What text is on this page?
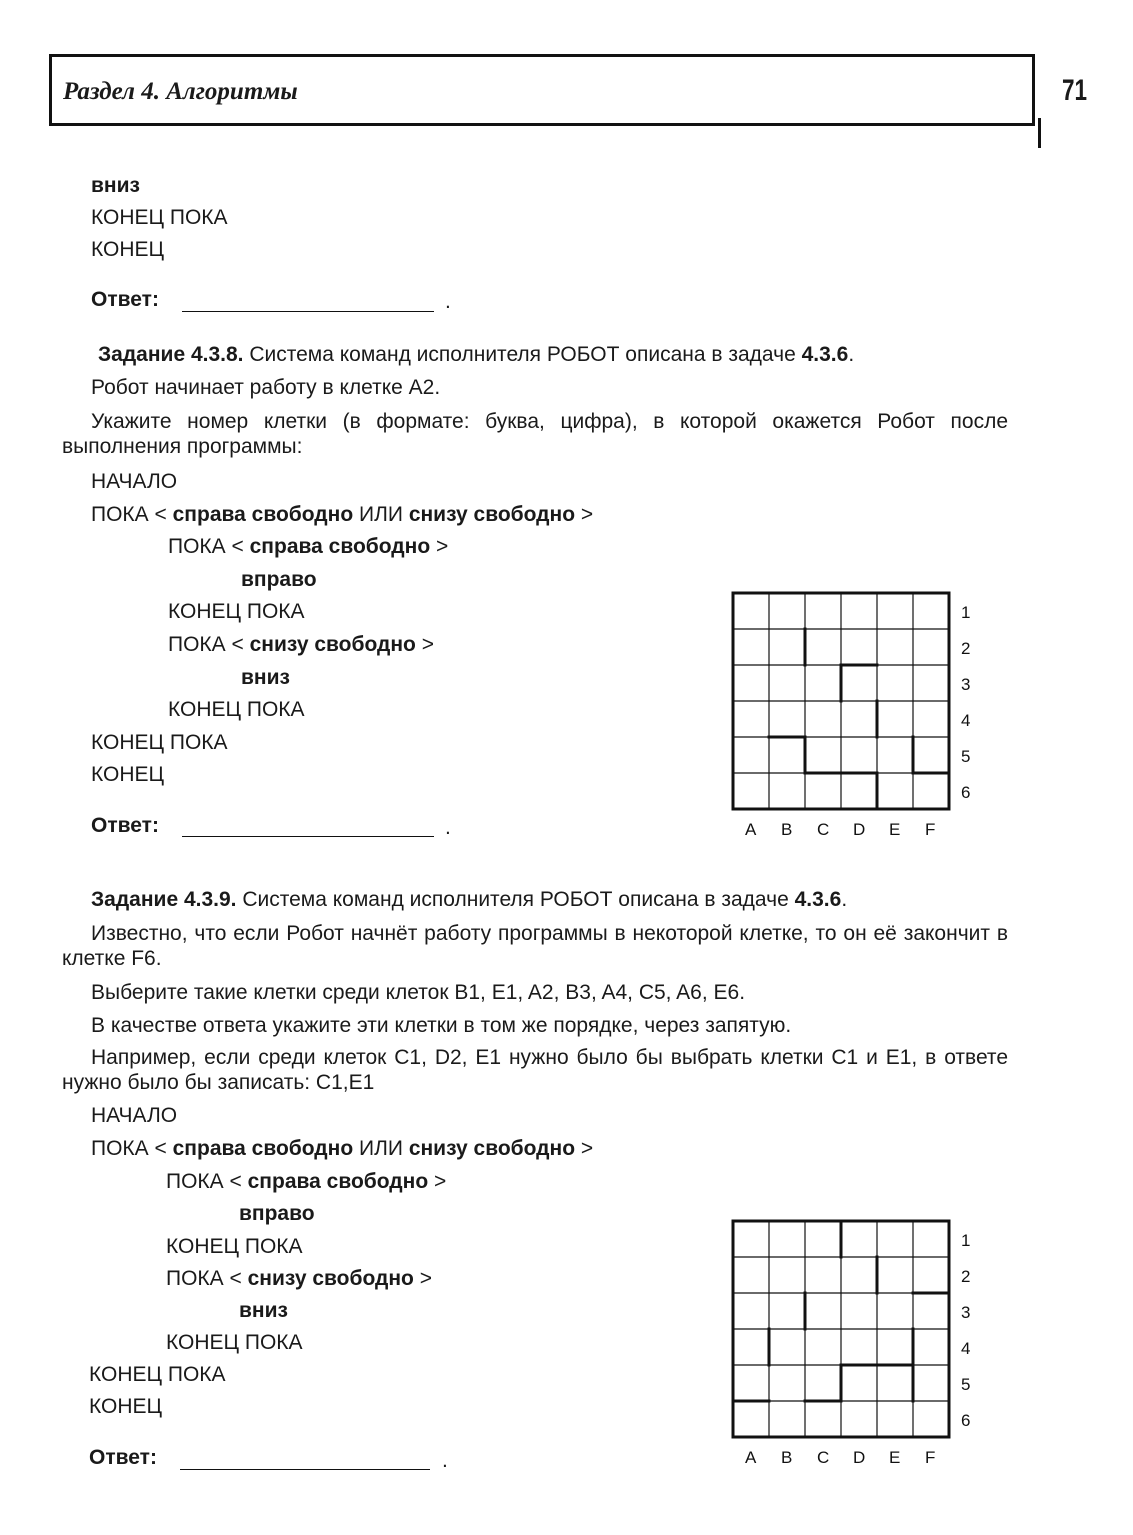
Раздел 4. Алгоритмы	71
вниз
КОНЕЦ ПОКА
КОНЕЦ
Ответ:	.
Задание 4.3.8. Система команд исполнителя РОБОТ описана в задаче 4.3.6.
Робот начинает работу в клетке А2.
Укажите номер клетки (в формате: буква, цифра), в которой окажется Робот после выполнения программы:
НАЧАЛО
ПОКА < справа свободно ИЛИ снизу свободно >
ПОКА < справа свободно >
вправо
КОНЕЦ ПОКА
ПОКА < снизу свободно >
вниз
КОНЕЦ ПОКА
КОНЕЦ ПОКА
КОНЕЦ
Ответ:	.
1
2
3
4
5
6
A B C D E F
Задание 4.3.9. Система команд исполнителя РОБОТ описана в задаче 4.3.6.
Известно, что если Робот начнёт работу программы в некоторой клетке, то он её закончит в клетке F6.
Выберите такие клетки среди клеток B1, E1, A2, B3, A4, C5, A6, E6.
В качестве ответа укажите эти клетки в том же порядке, через запятую.
Например, если среди клеток С1, D2, E1 нужно было бы выбрать клетки С1 и E1, в ответе нужно было бы записать: С1,E1
НАЧАЛО
ПОКА < справа свободно ИЛИ снизу свободно >
ПОКА < справа свободно >
вправо
КОНЕЦ ПОКА
ПОКА < снизу свободно >
вниз
КОНЕЦ ПОКА
КОНЕЦ ПОКА
КОНЕЦ
Ответ:	.
1
2
3
4
5
6
A B C D E F
